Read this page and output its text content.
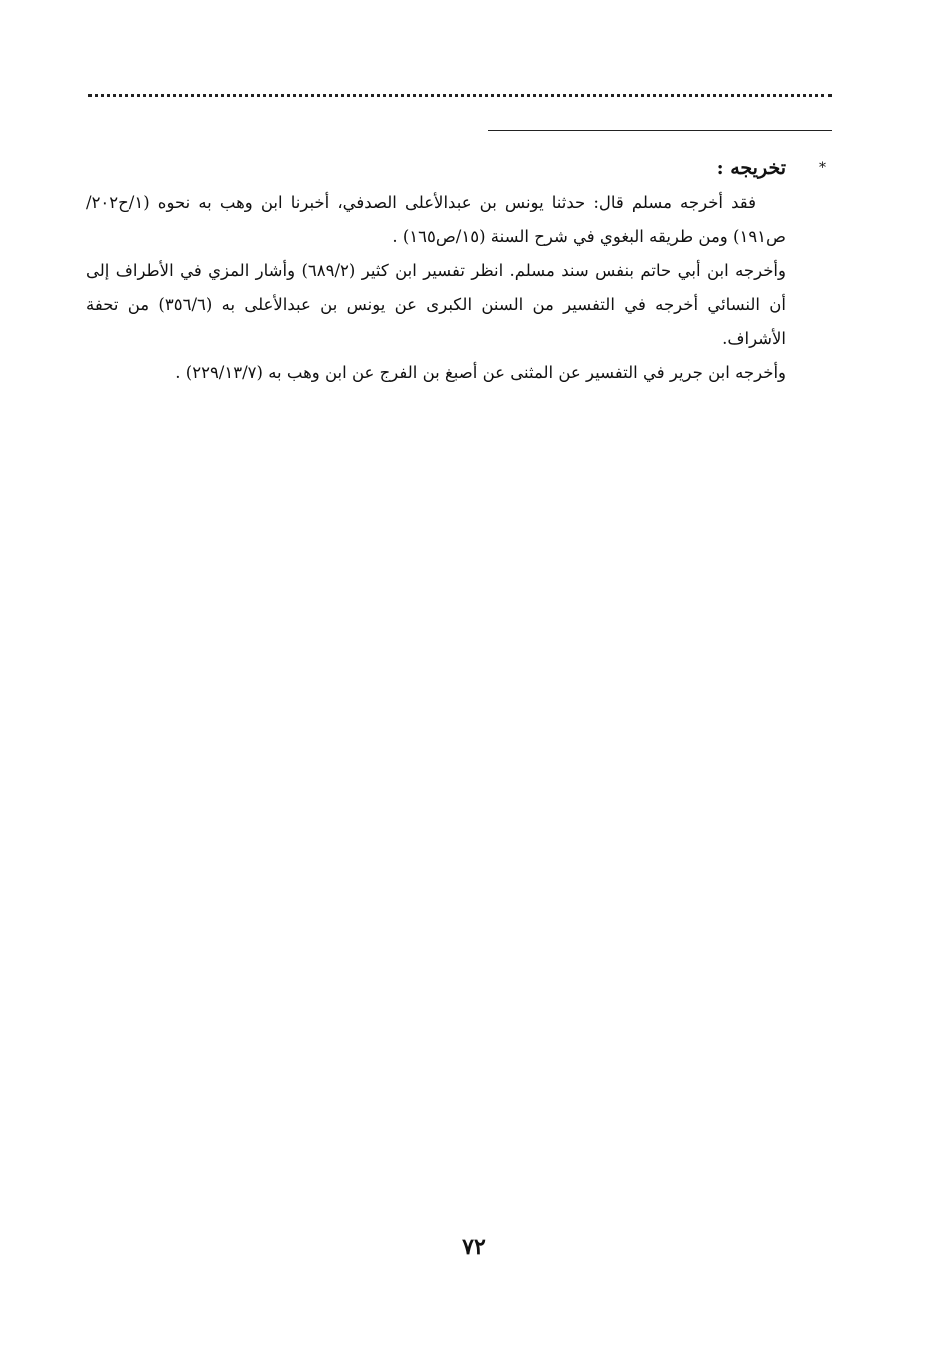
*
تخريجه :

فقد أخرجه مسلم قال: حدثنا يونس بن عبدالأعلى الصدفي، أخبرنا ابن وهب به نحوه (١/ح٢٠٢/ص١٩١) ومن طريقه البغوي في شرح السنة (١٥/ص١٦٥) .

وأخرجه ابن أبي حاتم بنفس سند مسلم. انظر تفسير ابن كثير (٦٨٩/٢) وأشار المزي في الأطراف إلى أن النسائي أخرجه في التفسير من السنن الكبرى عن يونس بن عبدالأعلى به (٣٥٦/٦) من تحفة الأشراف.

وأخرجه ابن جرير في التفسير عن المثنى عن أصبغ بن الفرج عن ابن وهب به (٢٢٩/١٣/٧) .

٧٢
